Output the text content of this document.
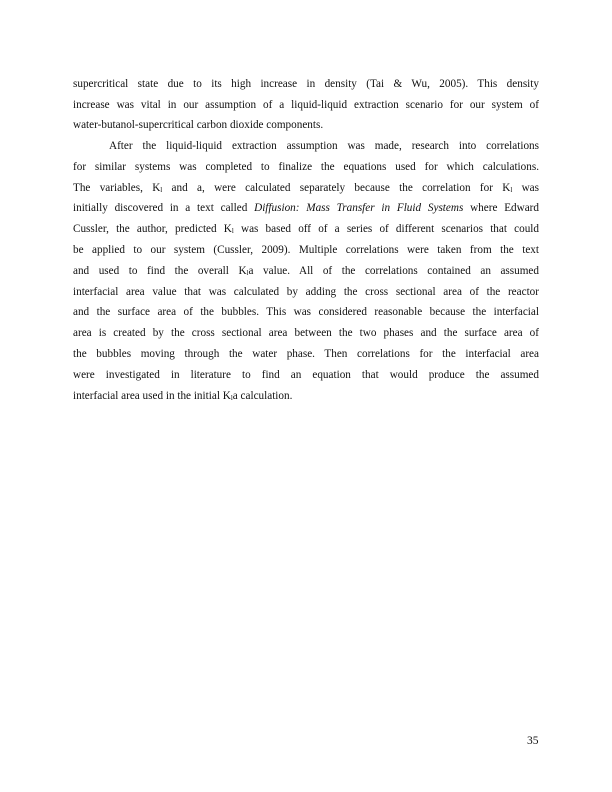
supercritical state due to its high increase in density (Tai & Wu, 2005). This density
increase was vital in our assumption of a liquid-liquid extraction scenario for our system of
water-butanol-supercritical carbon dioxide components.
After the liquid-liquid extraction assumption was made, research into correlations
for similar systems was completed to finalize the equations used for which calculations.
The variables, $K_l$ and a, were calculated separately because the correlation for $K_l$ was
initially discovered in a text called Diffusion: Mass Transfer in Fluid Systems where Edward
Cussler, the author, predicted $K_l$ was based off of a series of different scenarios that could
be applied to our system (Cussler, 2009). Multiple correlations were taken from the text
and used to find the overall $K_la$ value. All of the correlations contained an assumed
interfacial area value that was calculated by adding the cross sectional area of the reactor
and the surface area of the bubbles. This was considered reasonable because the interfacial
area is created by the cross sectional area between the two phases and the surface area of
the bubbles moving through the water phase. Then correlations for the interfacial area
were investigated in literature to find an equation that would produce the assumed
interfacial area used in the initial $K_la$ calculation.
35
